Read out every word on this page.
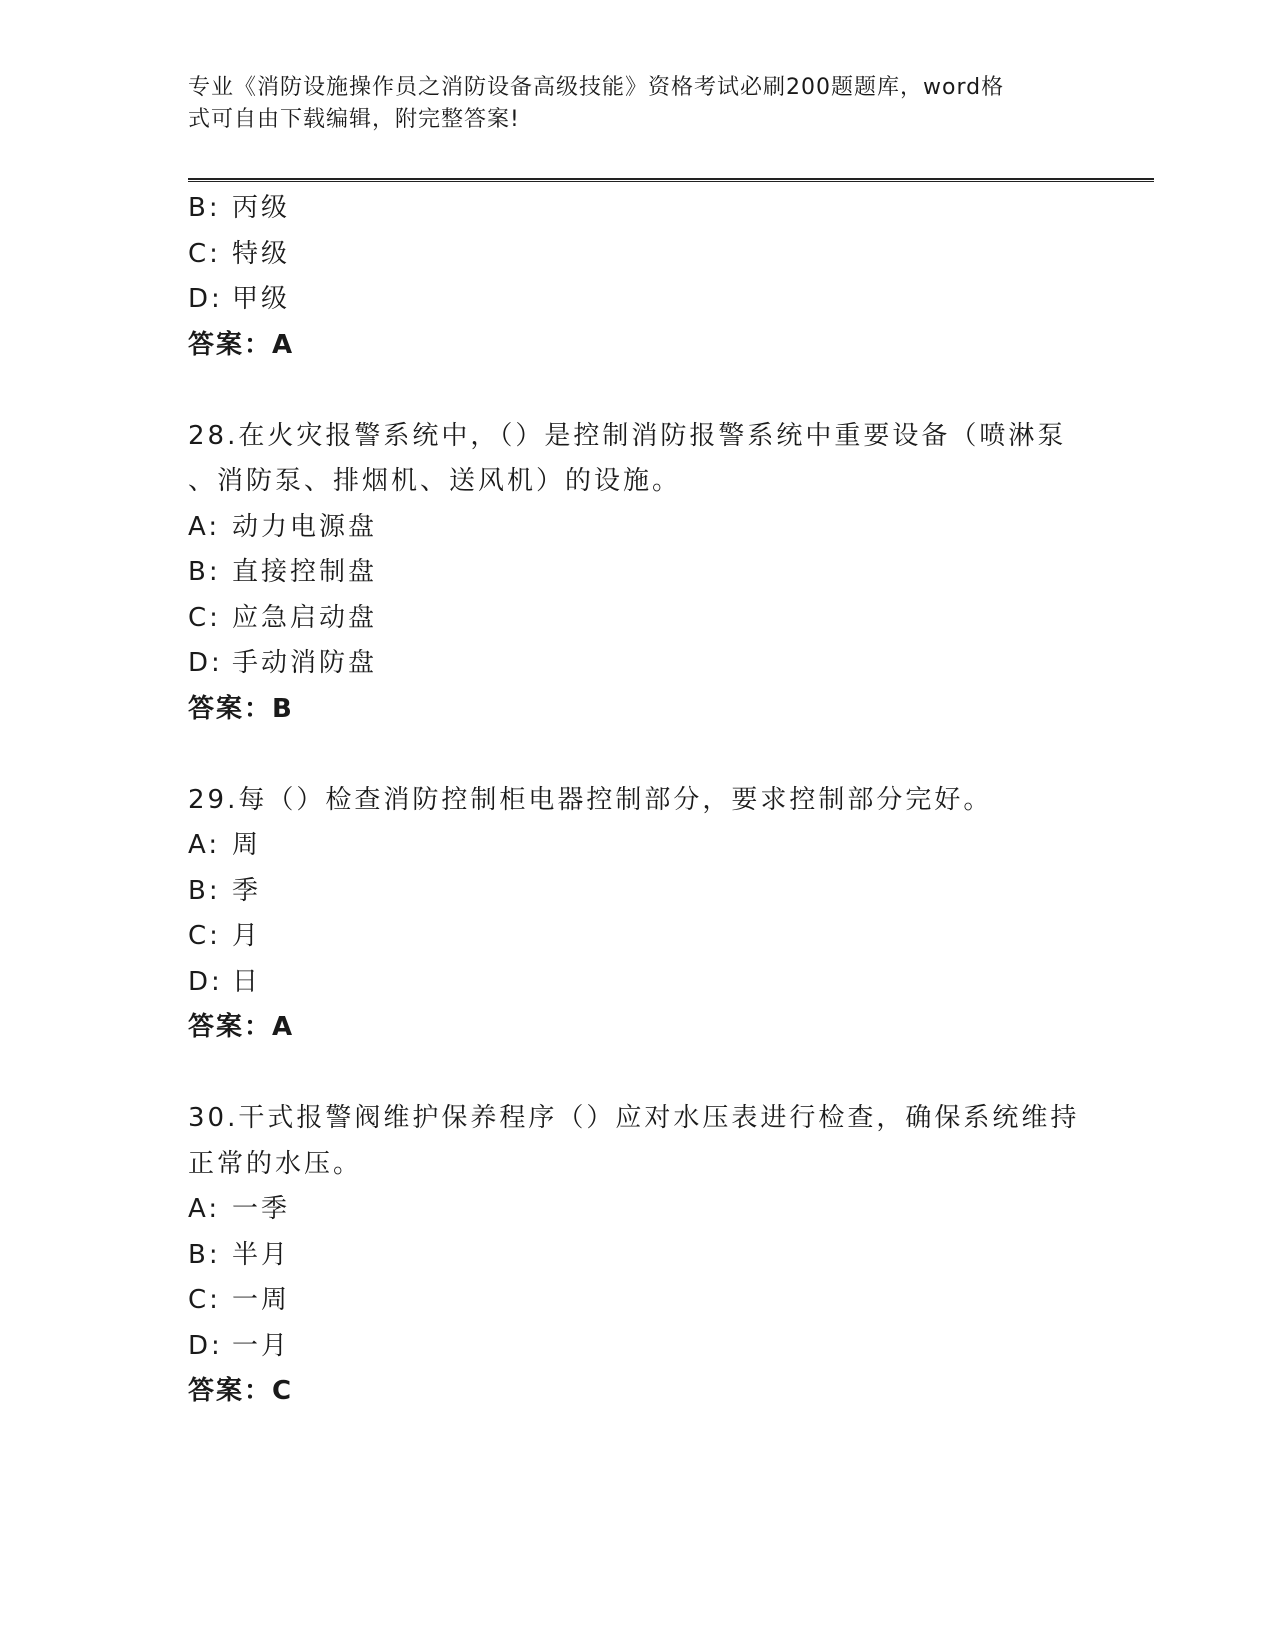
专业《消防设施操作员之消防设备高级技能》资格考试必刷200题题库，word格
式可自由下载编辑，附完整答案!
B: 丙级
C: 特级
D: 甲级
答案：A
28.在火灾报警系统中，（）是控制消防报警系统中重要设备（喷淋泵
、消防泵、排烟机、送风机）的设施。
A: 动力电源盘
B: 直接控制盘
C: 应急启动盘
D: 手动消防盘
答案：B
29.每（）检查消防控制柜电器控制部分，要求控制部分完好。
A: 周
B: 季
C: 月
D: 日
答案：A
30.干式报警阀维护保养程序（）应对水压表进行检查，确保系统维持
正常的水压。
A: 一季
B: 半月
C: 一周
D: 一月
答案：C
